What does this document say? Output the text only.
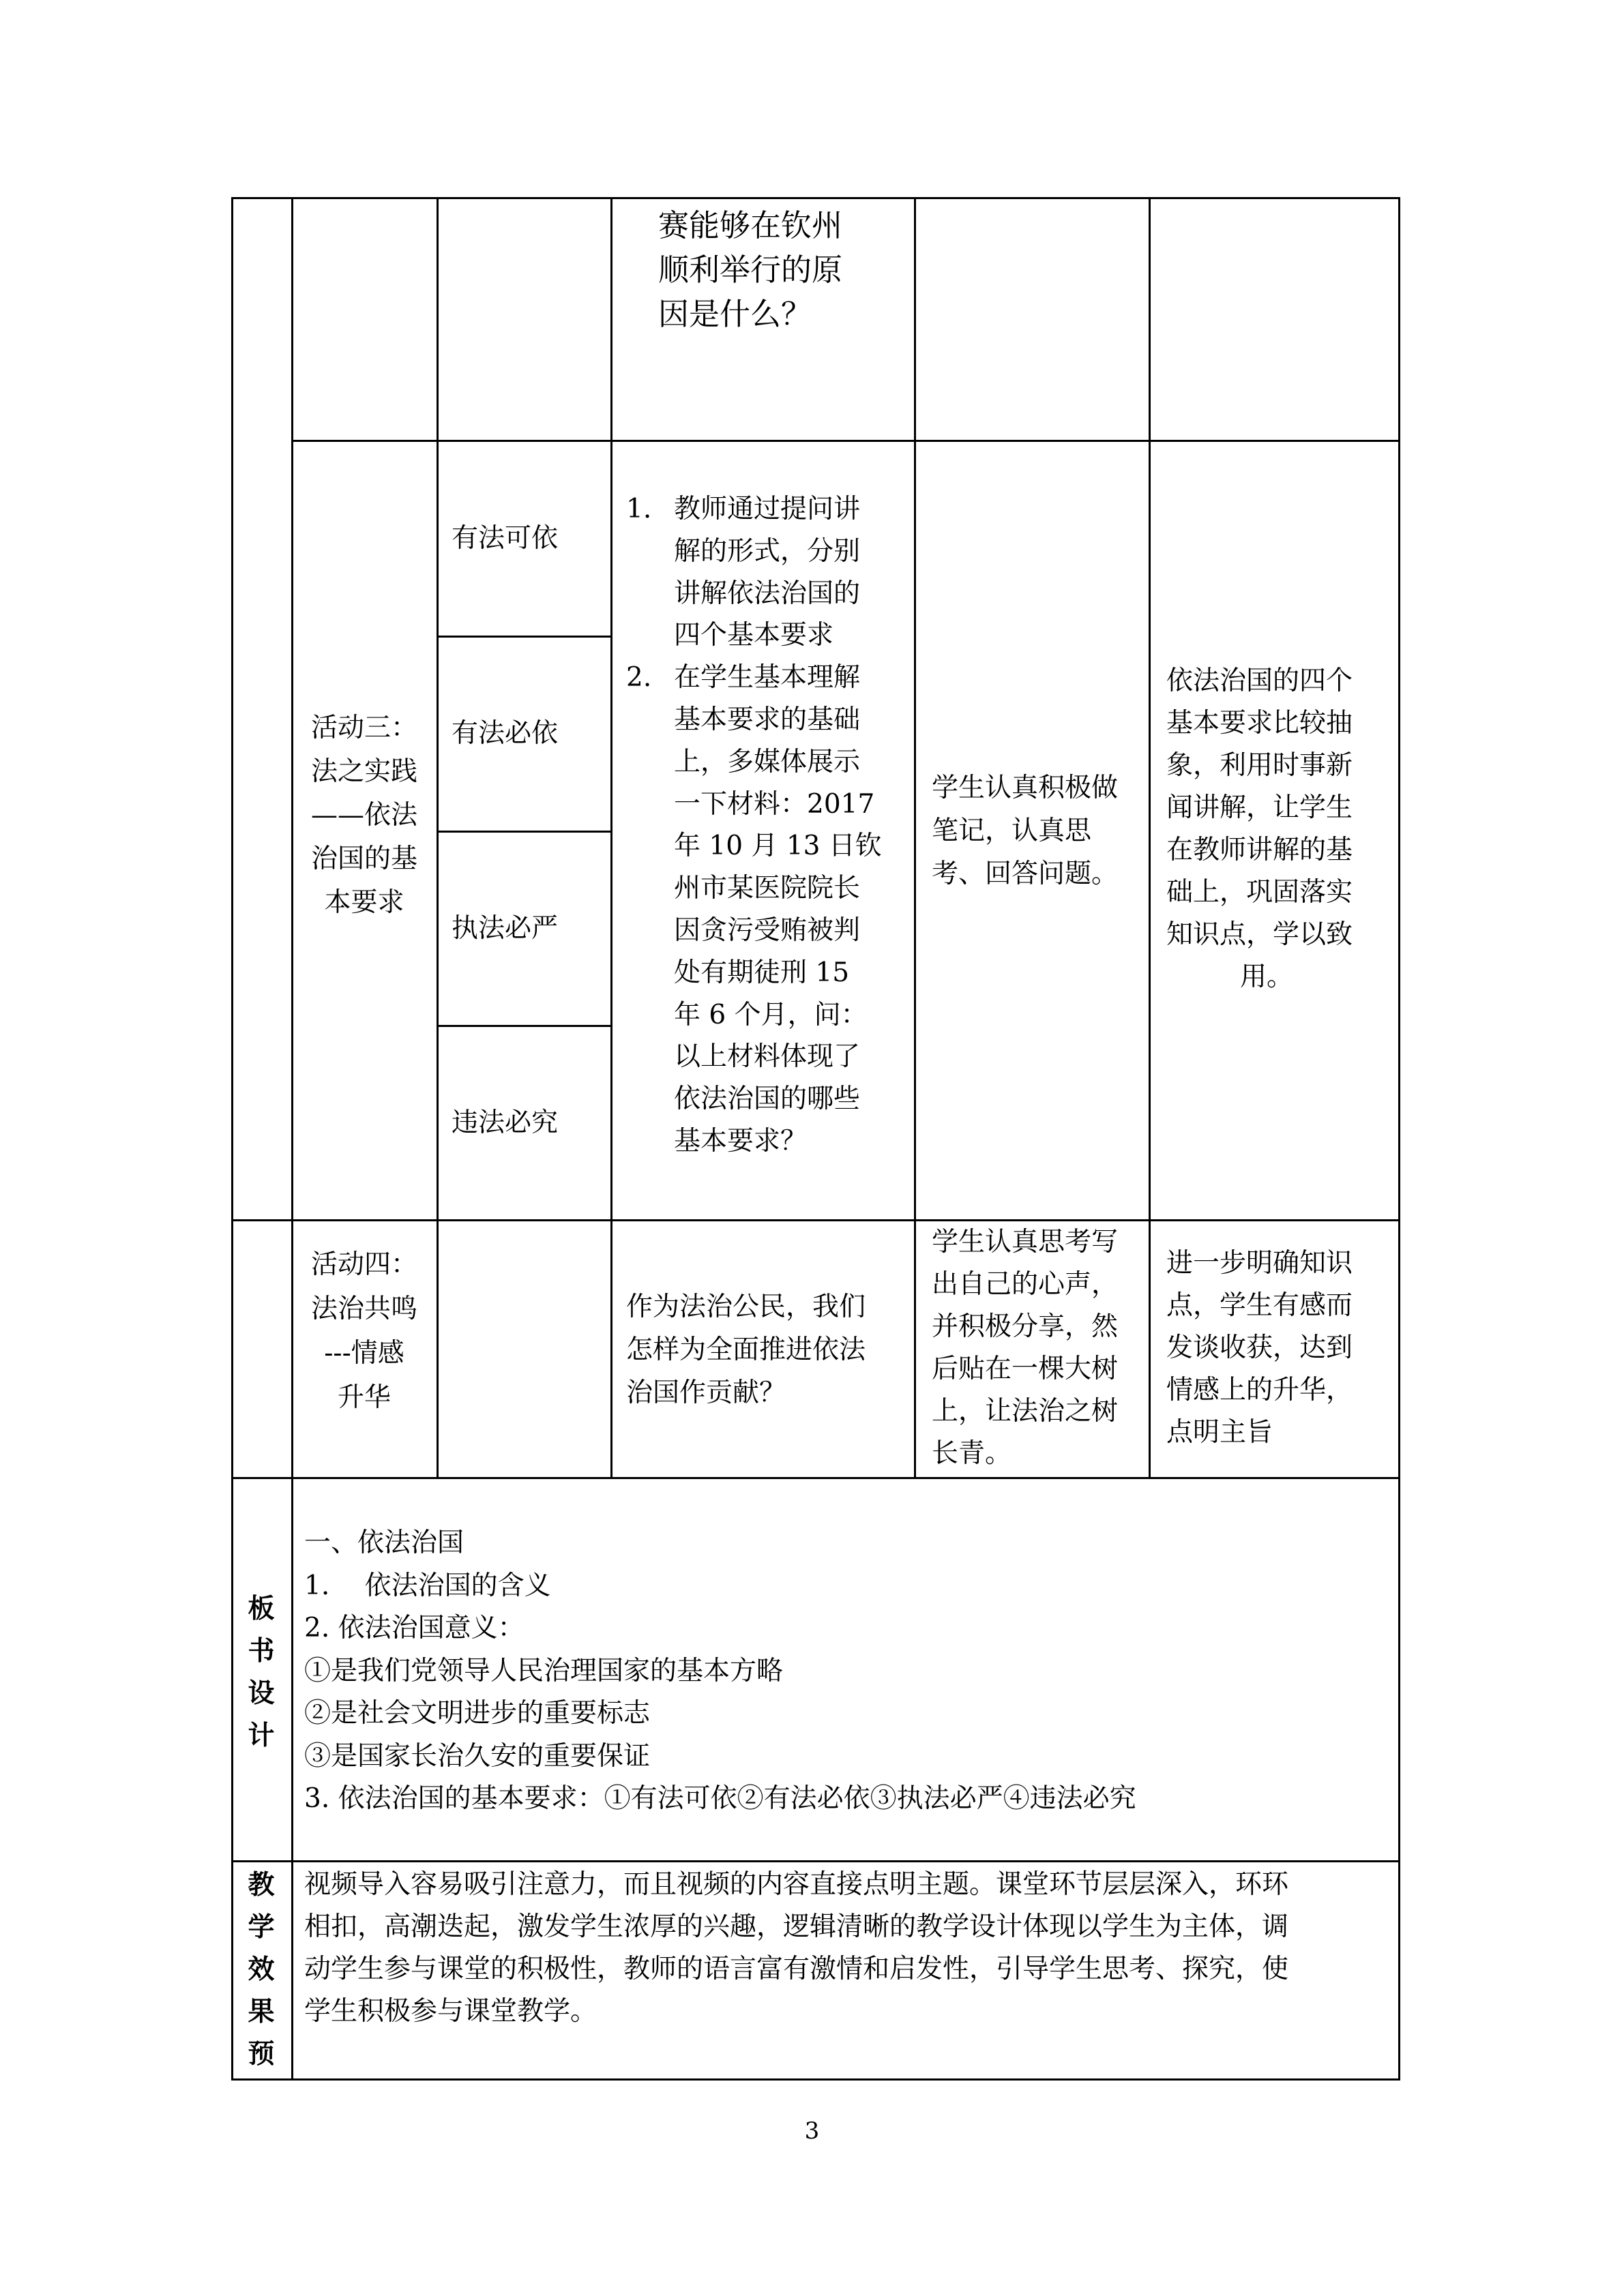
赛能够在钦州
顺利举行的原
因是什么？
活动三：
法之实践
——依法
治国的基
本要求
有法可依
有法必依
执法必严
违法必究
1. 教师通过提问讲
解的形式，分别
讲解依法治国的
四个基本要求
2. 在学生基本理解
基本要求的基础
上，多媒体展示
一下材料：2017
年 10 月 13 日钦
州市某医院院长
因贪污受贿被判
处有期徒刑 15
年 6 个月，问：
以上材料体现了
依法治国的哪些
基本要求？
学生认真积极做
笔记，认真思
考、回答问题。
依法治国的四个
基本要求比较抽
象，利用时事新
闻讲解，让学生
在教师讲解的基
础上，巩固落实
知识点，学以致
用。
活动四：
法治共鸣
---情感
升华
作为法治公民，我们
怎样为全面推进依法
治国作贡献？
学生认真思考写
出自己的心声，
并积极分享，然
后贴在一棵大树
上，让法治之树
长青。
进一步明确知识
点，学生有感而
发谈收获，达到
情感上的升华，
点明主旨
板
书
设
计
一、依法治国
1.　 依法治国的含义
2. 依法治国意义：
①是我们党领导人民治理国家的基本方略
②是社会文明进步的重要标志
③是国家长治久安的重要保证
3. 依法治国的基本要求：①有法可依②有法必依③执法必严④违法必究
教
学
效
果
预
视频导入容易吸引注意力，而且视频的内容直接点明主题。课堂环节层层深入，环环
相扣，高潮迭起，激发学生浓厚的兴趣，逻辑清晰的教学设计体现以学生为主体，调
动学生参与课堂的积极性，教师的语言富有激情和启发性，引导学生思考、探究，使
学生积极参与课堂教学。
3
